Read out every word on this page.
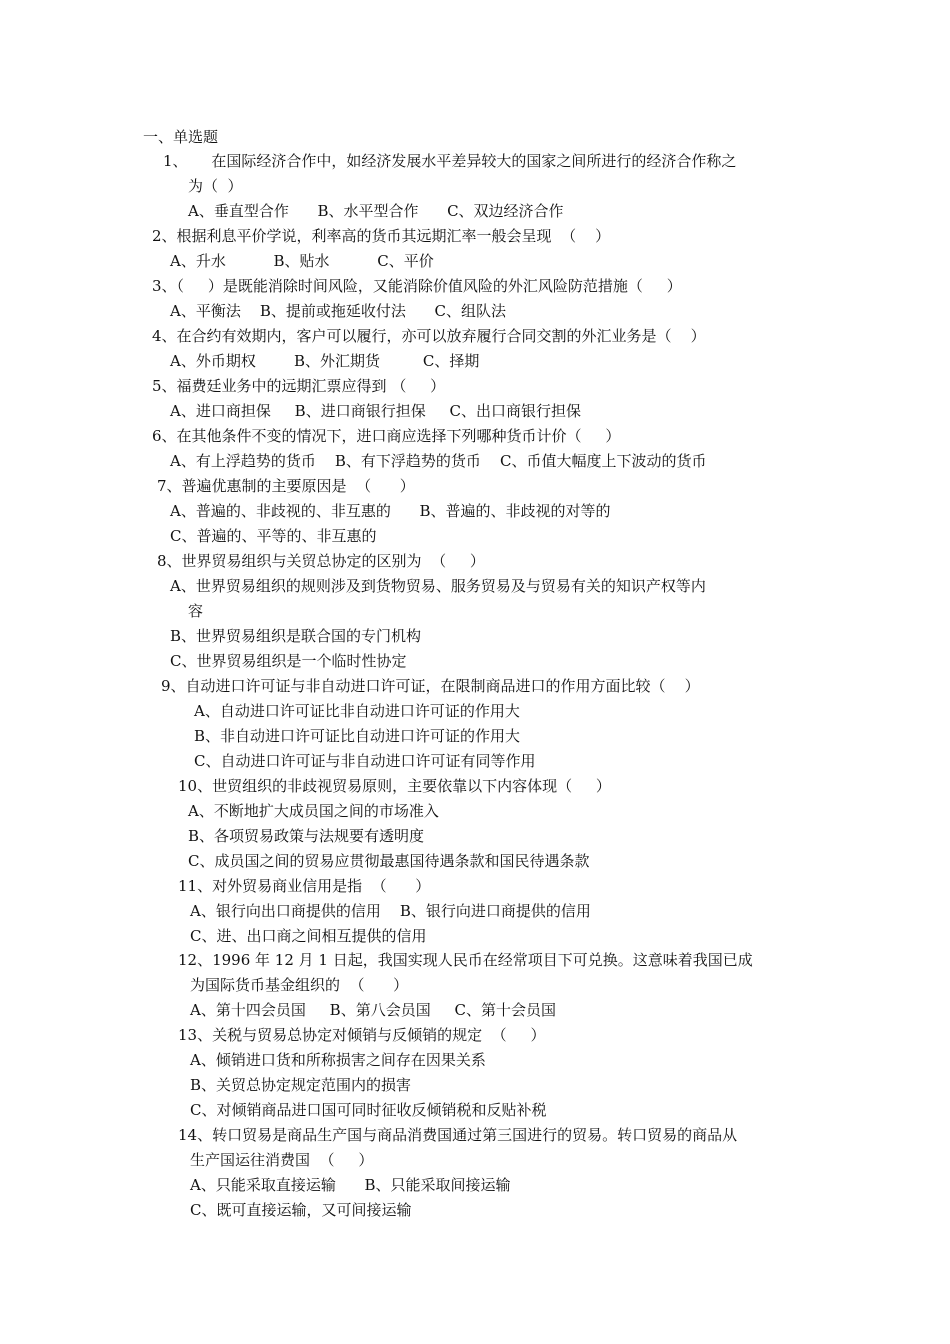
一、单选题
1、     在国际经济合作中，如经济发展水平差异较大的国家之间所进行的经济合作称之
为（  ）
A、垂直型合作      B、水平型合作      C、双边经济合作
2、根据利息平价学说，利率高的货币其远期汇率一般会呈现  （    ）
A、升水          B、贴水          C、平价
3、（     ）是既能消除时间风险，又能消除价值风险的外汇风险防范措施（     ）
A、平衡法    B、提前或拖延收付法      C、组队法
4、在合约有效期内，客户可以履行，亦可以放弃履行合同交割的外汇业务是（    ）
A、外币期权        B、外汇期货         C、择期
5、福费廷业务中的远期汇票应得到 （     ）
A、进口商担保     B、进口商银行担保     C、出口商银行担保
6、在其他条件不变的情况下，进口商应选择下列哪种货币计价（     ）
A、有上浮趋势的货币    B、有下浮趋势的货币    C、币值大幅度上下波动的货币
7、普遍优惠制的主要原因是  （      ）
A、普遍的、非歧视的、非互惠的      B、普遍的、非歧视的对等的
C、普遍的、平等的、非互惠的
8、世界贸易组织与关贸总协定的区别为  （     ）
A、世界贸易组织的规则涉及到货物贸易、服务贸易及与贸易有关的知识产权等内
容
B、世界贸易组织是联合国的专门机构
C、世界贸易组织是一个临时性协定
9、自动进口许可证与非自动进口许可证，在限制商品进口的作用方面比较（    ）
A、自动进口许可证比非自动进口许可证的作用大
B、非自动进口许可证比自动进口许可证的作用大
C、自动进口许可证与非自动进口许可证有同等作用
10、世贸组织的非歧视贸易原则，主要依靠以下内容体现（     ）
A、不断地扩大成员国之间的市场准入
B、各项贸易政策与法规要有透明度
C、成员国之间的贸易应贯彻最惠国待遇条款和国民待遇条款
11、对外贸易商业信用是指  （      ）
A、银行向出口商提供的信用    B、银行向进口商提供的信用
C、进、出口商之间相互提供的信用
12、1996 年 12 月 1 日起，我国实现人民币在经常项目下可兑换。这意味着我国已成
为国际货币基金组织的  （      ）
A、第十四会员国     B、第八会员国     C、第十会员国
13、关税与贸易总协定对倾销与反倾销的规定  （     ）
A、倾销进口货和所称损害之间存在因果关系
B、关贸总协定规定范围内的损害
C、对倾销商品进口国可同时征收反倾销税和反贴补税
14、转口贸易是商品生产国与商品消费国通过第三国进行的贸易。转口贸易的商品从
生产国运往消费国  （     ）
A、只能采取直接运输      B、只能采取间接运输
C、既可直接运输，又可间接运输
